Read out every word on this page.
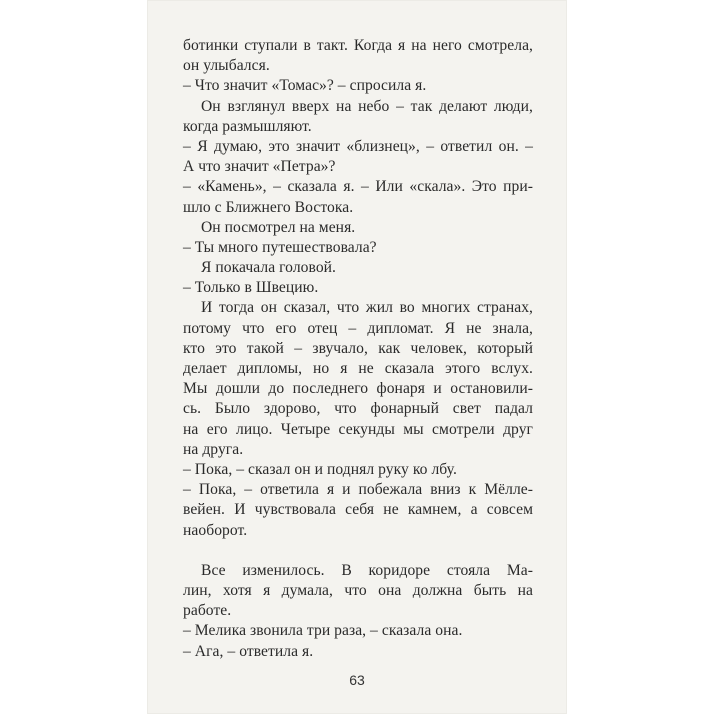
ботинки ступали в такт. Когда я на него смотрела,
он улыбался.
– Что значит «Томас»? – спросила я.
Он взглянул вверх на небо – так делают люди,
когда размышляют.
– Я думаю, это значит «близнец», – ответил он. –
А что значит «Петра»?
– «Камень», – сказала я. – Или «скала». Это при-
шло с Ближнего Востока.
Он посмотрел на меня.
– Ты много путешествовала?
Я покачала головой.
– Только в Швецию.
И тогда он сказал, что жил во многих странах,
потому что его отец – дипломат. Я не знала,
кто это такой – звучало, как человек, который
делает дипломы, но я не сказала этого вслух.
Мы дошли до последнего фонаря и остановили-
сь. Было здорово, что фонарный свет падал
на его лицо. Четыре секунды мы смотрели друг
на друга.
– Пока, – сказал он и поднял руку ко лбу.
– Пока, – ответила я и побежала вниз к Мёлле-
вейен. И чувствовала себя не камнем, а совсем
наоборот.
Все изменилось. В коридоре стояла Ма-
лин, хотя я думала, что она должна быть на
работе.
– Мелика звонила три раза, – сказала она.
– Ага, – ответила я.
63
